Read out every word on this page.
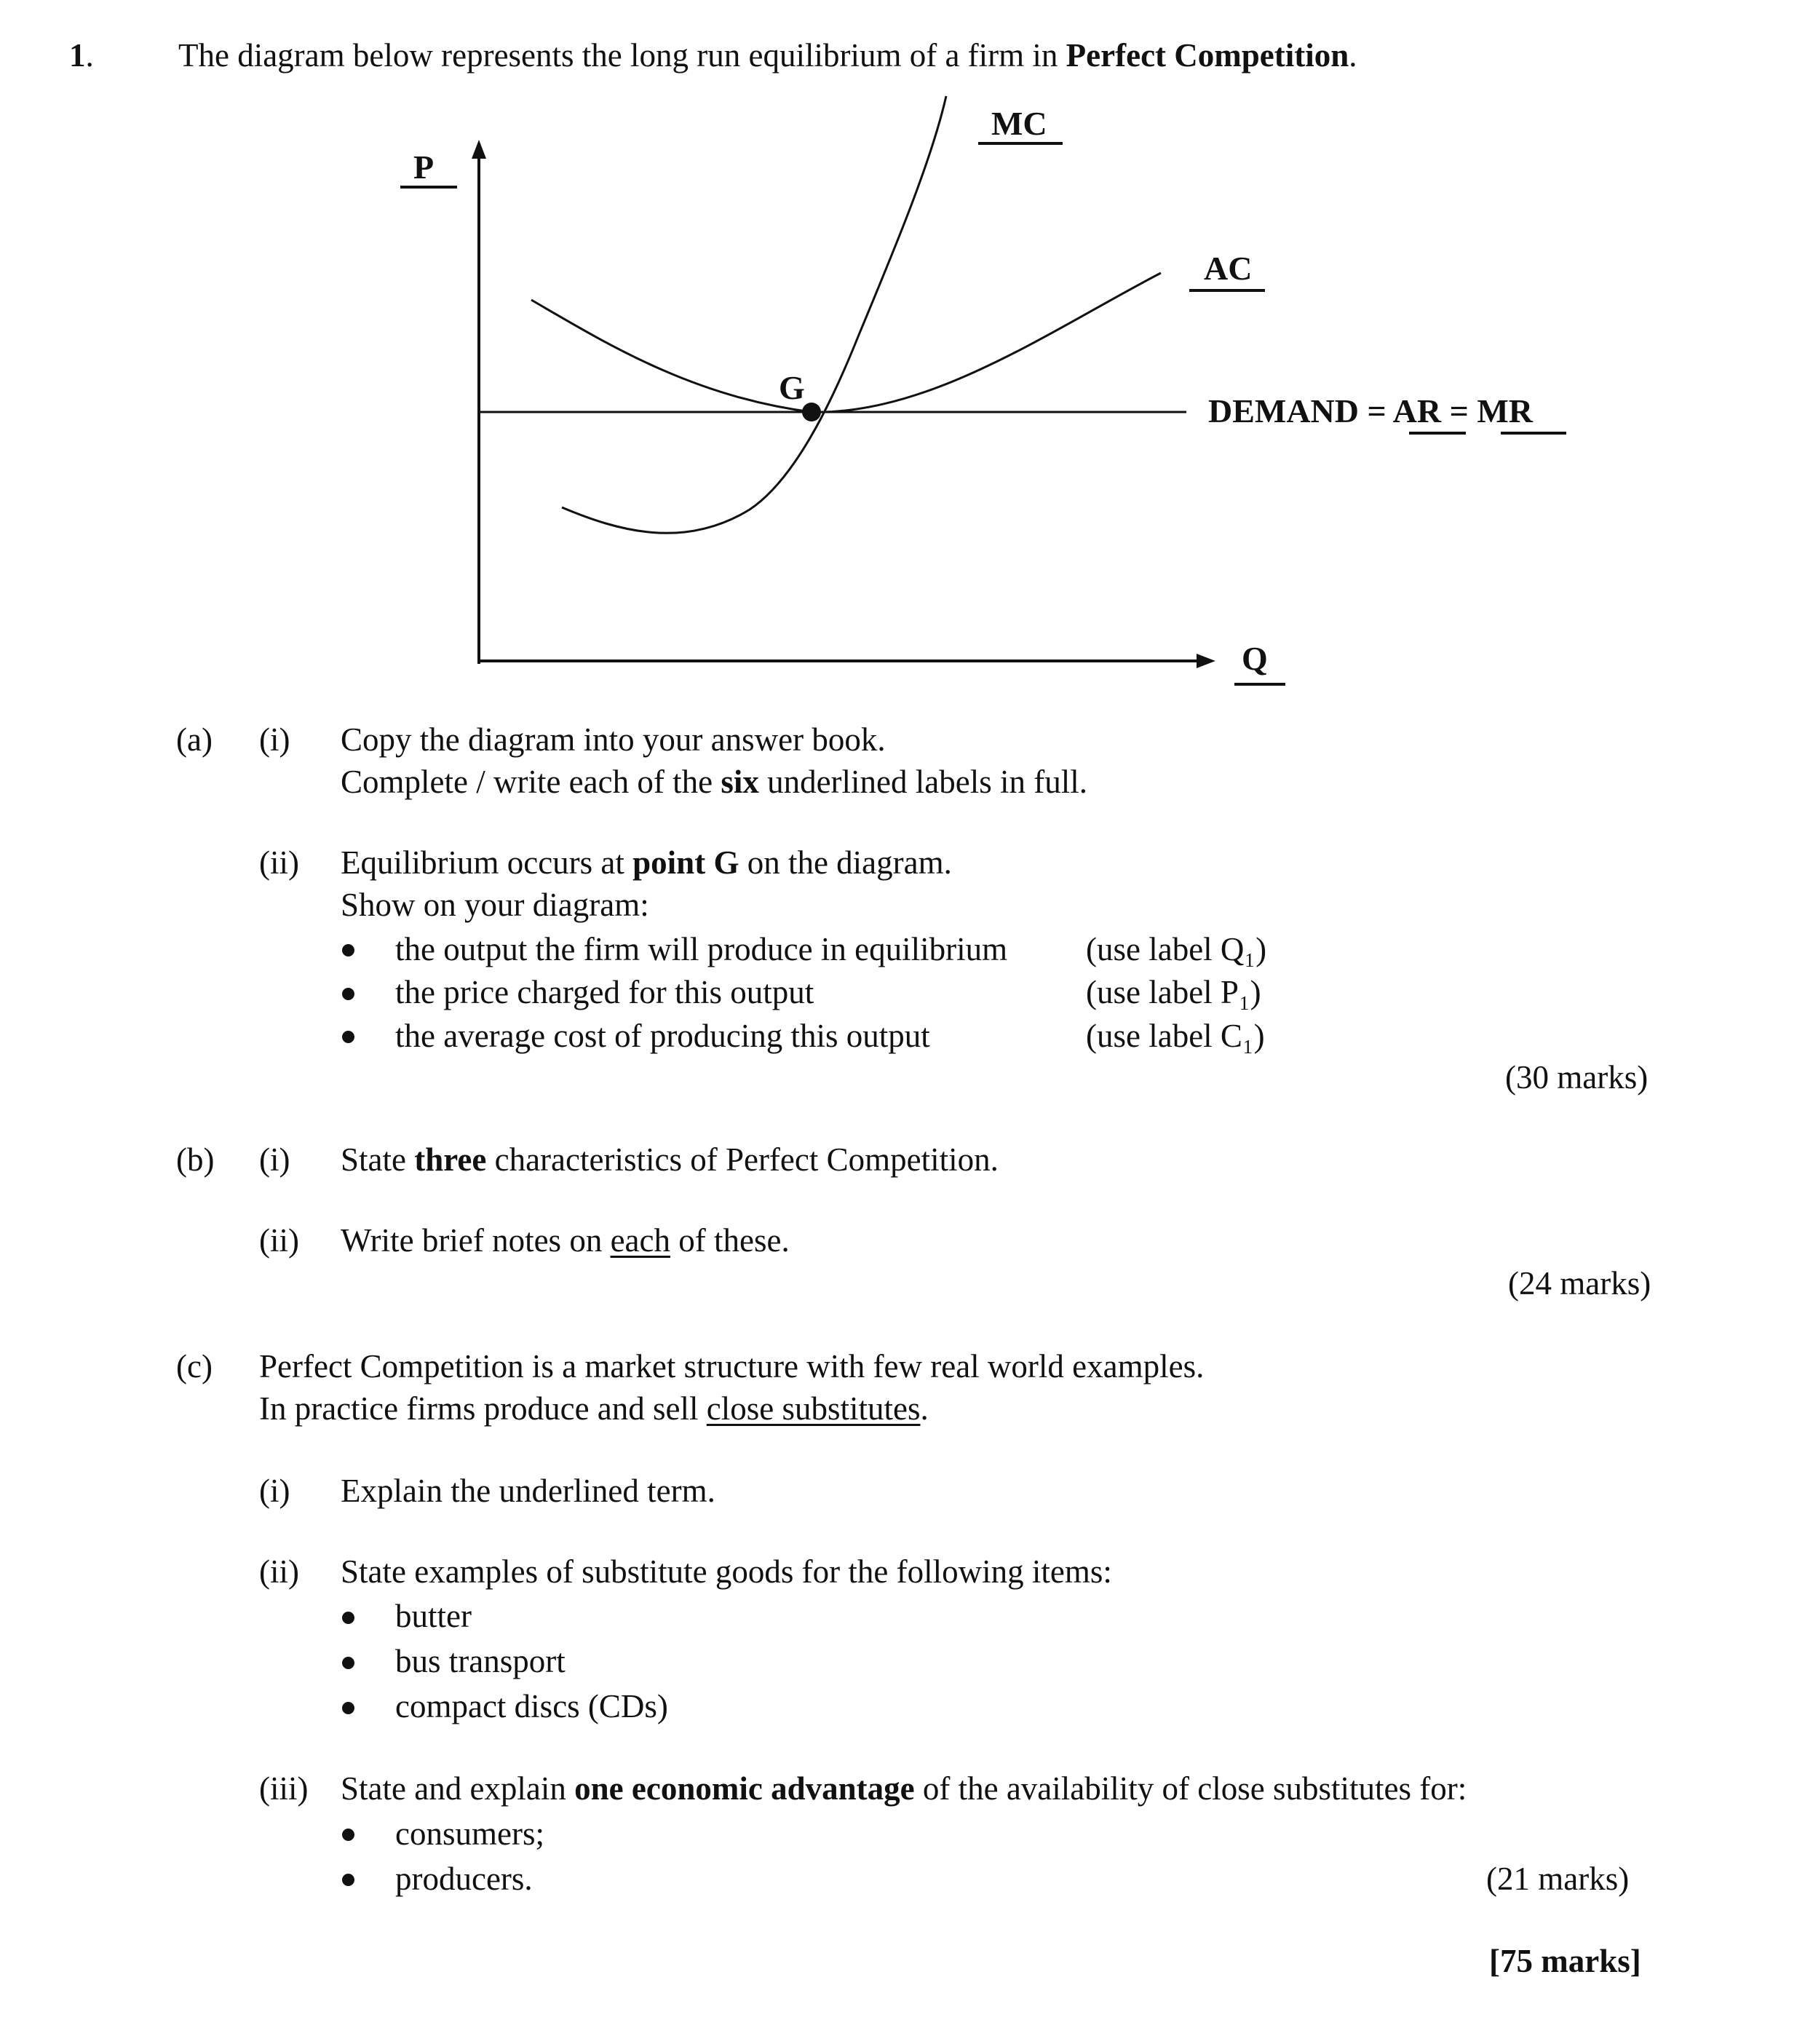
1.	The diagram below represents the long run equilibrium of a firm in Perfect Competition.
P
MC
AC
G
Q
DEMAND = AR = MR
(a) (i) Copy the diagram into your answer book.
Complete / write each of the six underlined labels in full.
(ii) Equilibrium occurs at point G on the diagram.
Show on your diagram:
the output the firm will produce in equilibrium (use label Q₁)
the price charged for this output	(use label P₁)
the average cost of producing this output	(use label C₁)
(30 marks)
(b) (i) State three characteristics of Perfect Competition.
(ii) Write brief notes on each of these.
(24 marks)
(c) Perfect Competition is a market structure with few real world examples.
In practice firms produce and sell close substitutes.
(i) Explain the underlined term.
(ii) State examples of substitute goods for the following items:
butter
bus transport
compact discs (CDs)
(iii) State and explain one economic advantage of the availability of close substitutes for:
consumers;
producers.	(21 marks)
[75 marks]
